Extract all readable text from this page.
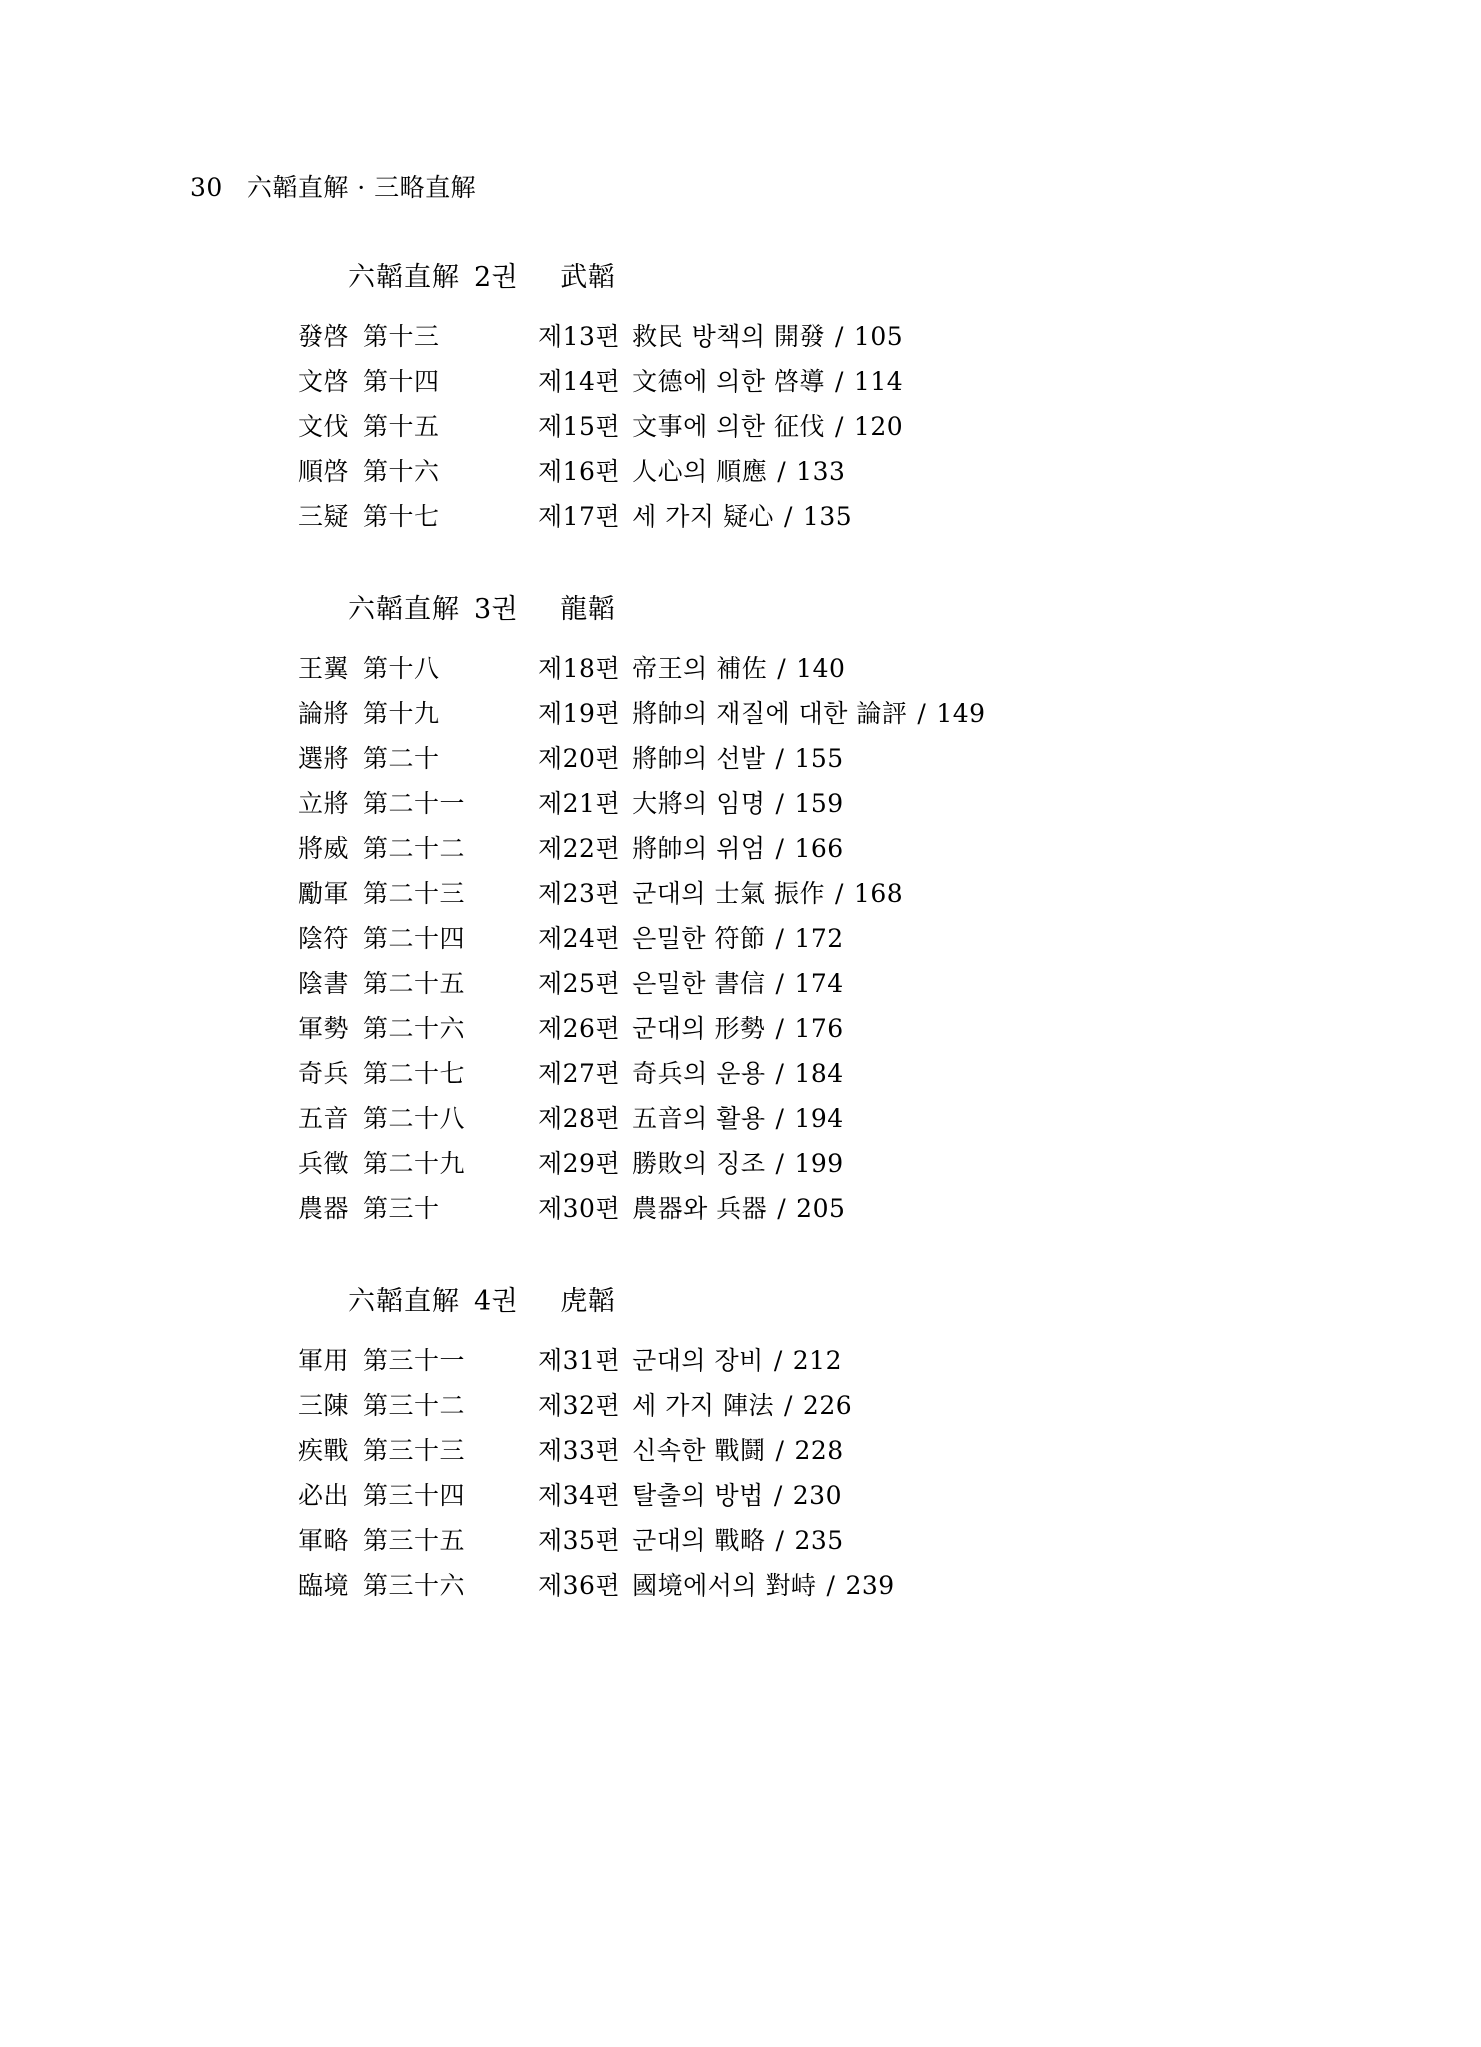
30 六韜直解 · 三略直解
六韜直解 2권 武韜
發啓 第十三	제13편 救民 방책의 開發 / 105
文啓 第十四	제14편 文德에 의한 啓導 / 114
文伐 第十五	제15편 文事에 의한 征伐 / 120
順啓 第十六	제16편 人心의 順應 / 133
三疑 第十七	제17편 세 가지 疑心 / 135
六韜直解 3권 龍韜
王翼 第十八	제18편 帝王의 補佐 / 140
論將 第十九	제19편 將帥의 재질에 대한 論評 / 149
選將 第二十	제20편 將帥의 선발 / 155
立將 第二十一	제21편 大將의 임명 / 159
將威 第二十二	제22편 將帥의 위엄 / 166
勵軍 第二十三	제23편 군대의 士氣 振作 / 168
陰符 第二十四	제24편 은밀한 符節 / 172
陰書 第二十五	제25편 은밀한 書信 / 174
軍勢 第二十六	제26편 군대의 形勢 / 176
奇兵 第二十七	제27편 奇兵의 운용 / 184
五音 第二十八	제28편 五音의 활용 / 194
兵徵 第二十九	제29편 勝敗의 징조 / 199
農器 第三十	제30편 農器와 兵器 / 205
六韜直解 4권 虎韜
軍用 第三十一	제31편 군대의 장비 / 212
三陳 第三十二	제32편 세 가지 陣法 / 226
疾戰 第三十三	제33편 신속한 戰鬪 / 228
必出 第三十四	제34편 탈출의 방법 / 230
軍略 第三十五	제35편 군대의 戰略 / 235
臨境 第三十六	제36편 國境에서의 對峙 / 239
